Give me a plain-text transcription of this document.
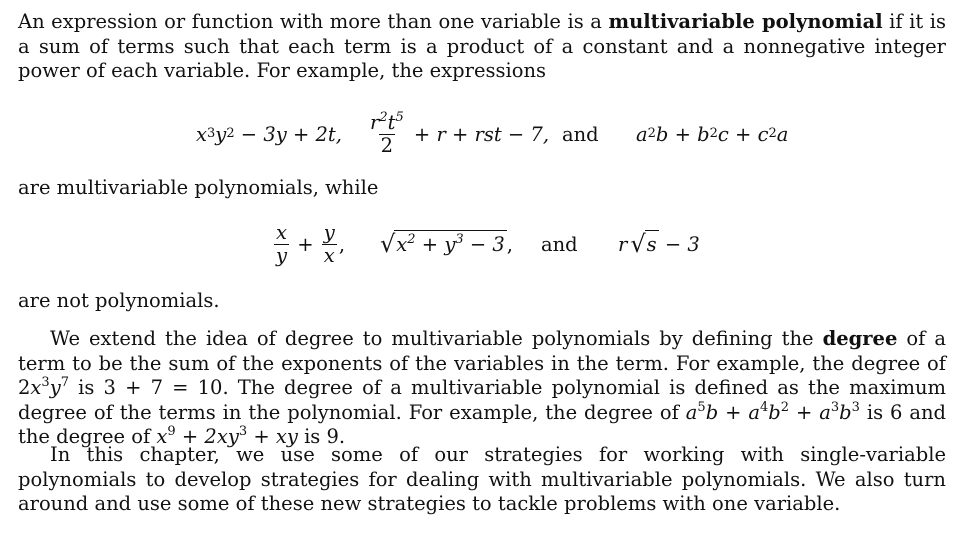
An expression or function with more than one variable is a multivariable polynomial if it is a sum of terms such that each term is a product of a constant and a nonnegative integer power of each variable. For example, the expressions

x 3 y 2 − 3y + 2t, $\frac{r^2t^5}{2} + r$ + rst − 7, and a 2 b + b 2 c + c 2 a

are multivariable polynomials, while

$\frac{x}{y} + \frac{y}{x}$ , √ $x^2 + y^3 - 3$ , and r √ s − 3

are not polynomials.

We extend the idea of degree to multivariable polynomials by defining the degree of a term to be the sum of the exponents of the variables in the term. For example, the degree of $2x^3y^7$ is 3 + 7 = 10. The degree of a multivariable polynomial is defined as the maximum degree of the terms in the polynomial. For example, the degree of $a^5b + a^4b^2 + a^3b^3$ is 6 and the degree of $x^9 + 2xy^3$ + xy is 9.

In this chapter, we use some of our strategies for working with single-variable polynomials to develop strategies for dealing with multivariable polynomials. We also turn around and use some of these new strategies to tackle problems with one variable.
